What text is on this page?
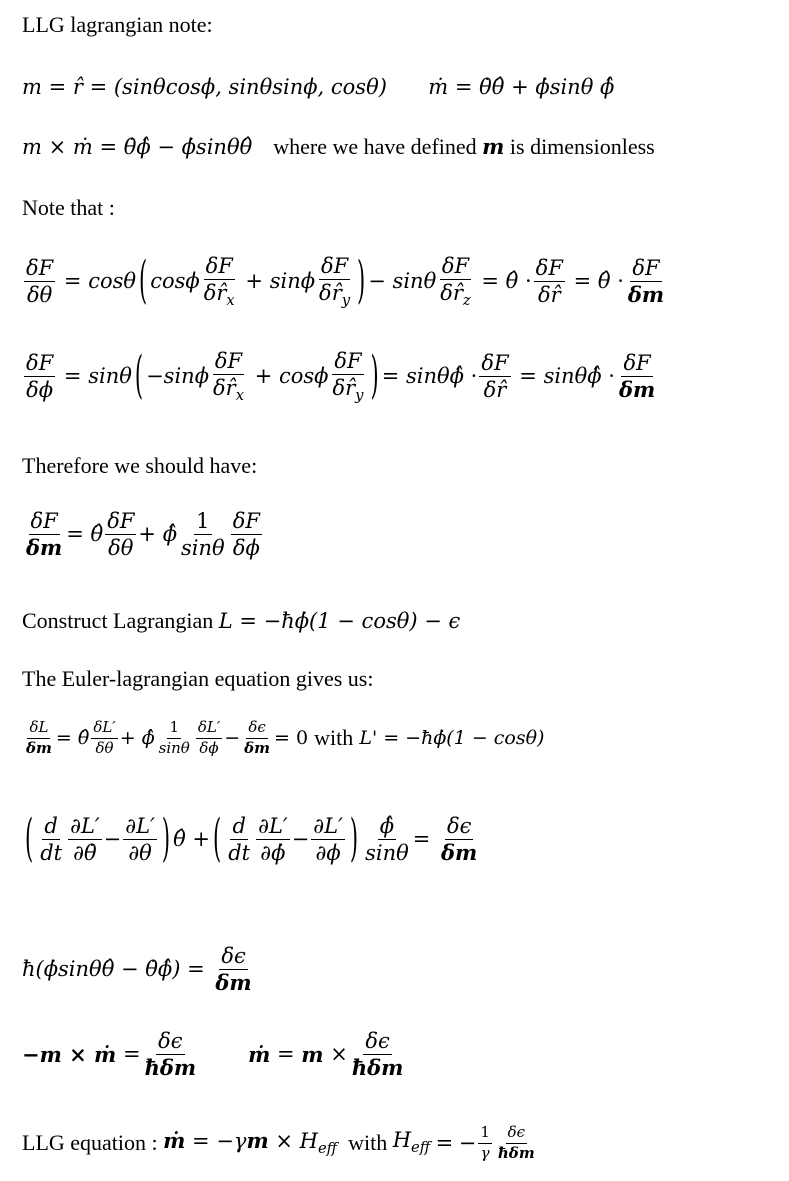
LLG lagrangian note:
m = r̂ = (sinθcosϕ, sinθsinϕ, cosθ) ṁ = θ̇θ̂ + ϕ̇sinθ ϕ̂
m × ṁ = θ̇ϕ̂ − ϕ̇sinθθ̂ where we have defined m is dimensionless
Note that :
$\frac{\delta F}{\delta\theta}$
=
cosθ ( cosϕ $\frac{\delta F}{\delta r̂_x}$
+
sinϕ $\frac{\delta F}{\delta r̂_y}$ ) −
sinθ $\frac{\delta F}{\delta r̂_z}$
=
θ̂
· $\frac{\delta F}{\delta r̂}$
=
θ̂
· $\frac{\delta F}{\delta m}$
$\frac{\delta F}{\delta\phi}$
=
sinθ ( $-\sin\phi \frac{\delta F}{\delta r̂_x}$
+
cosϕ $\frac{\delta F}{\delta r̂_y}$ ) =
sinθ ϕ̂
· $\frac{\delta F}{\delta r̂}$
=
sinθ ϕ̂
· $\frac{\delta F}{\delta m}$
Therefore we should have:
$\frac{\delta F}{\delta m}$ =
θ̂ $\frac{\delta F}{\delta\theta}$ +
ϕ̂ $\frac{1}{\sin\theta} \frac{\delta F}{\delta\phi}$
Construct Lagrangian L = −ħϕ̇(1 − cosθ) − ϵ
The Euler-lagrangian equation gives us:
$\frac{\delta L}{\delta m}$ =
θ̂ $\frac{\delta L'}{\delta\theta}$ +
ϕ̂ $\frac{1}{\sin\theta} \frac{\delta L'}{\delta\phi} - \frac{\delta\epsilon}{\delta m}$ =
0
with
L' = −ħϕ̇(1 − cosθ)
( $\frac{d}{dt} \frac{\partial L'}{\partial\thetȧ} - \frac{\partial L'}{\partial\theta}$ ) θ̂
+ ( $\frac{d}{dt} \frac{\partial L'}{\partial\phi̇} - \frac{\partial L'}{\partial\phi}$ ) $\frac{\phî}{\sin\theta}$ =
$\frac{\delta\epsilon}{\delta m}$
ħ(ϕ̇sinθθ̂ − θ̇ϕ̂)
=
$\frac{\delta\epsilon}{\delta m}$
−m × ṁ
= $\frac{\delta\epsilon}{\text{ħδm}}$ ṁ
=
m
× $\frac{\delta\epsilon}{\text{ħδm}}$
LLG equation :
ṁ = $-\gamma m \times H_{eff}$
with
$H_{eff}$
=
− $\frac{1}{\gamma} \frac{\delta\epsilon}{\text{ħδm}}$
